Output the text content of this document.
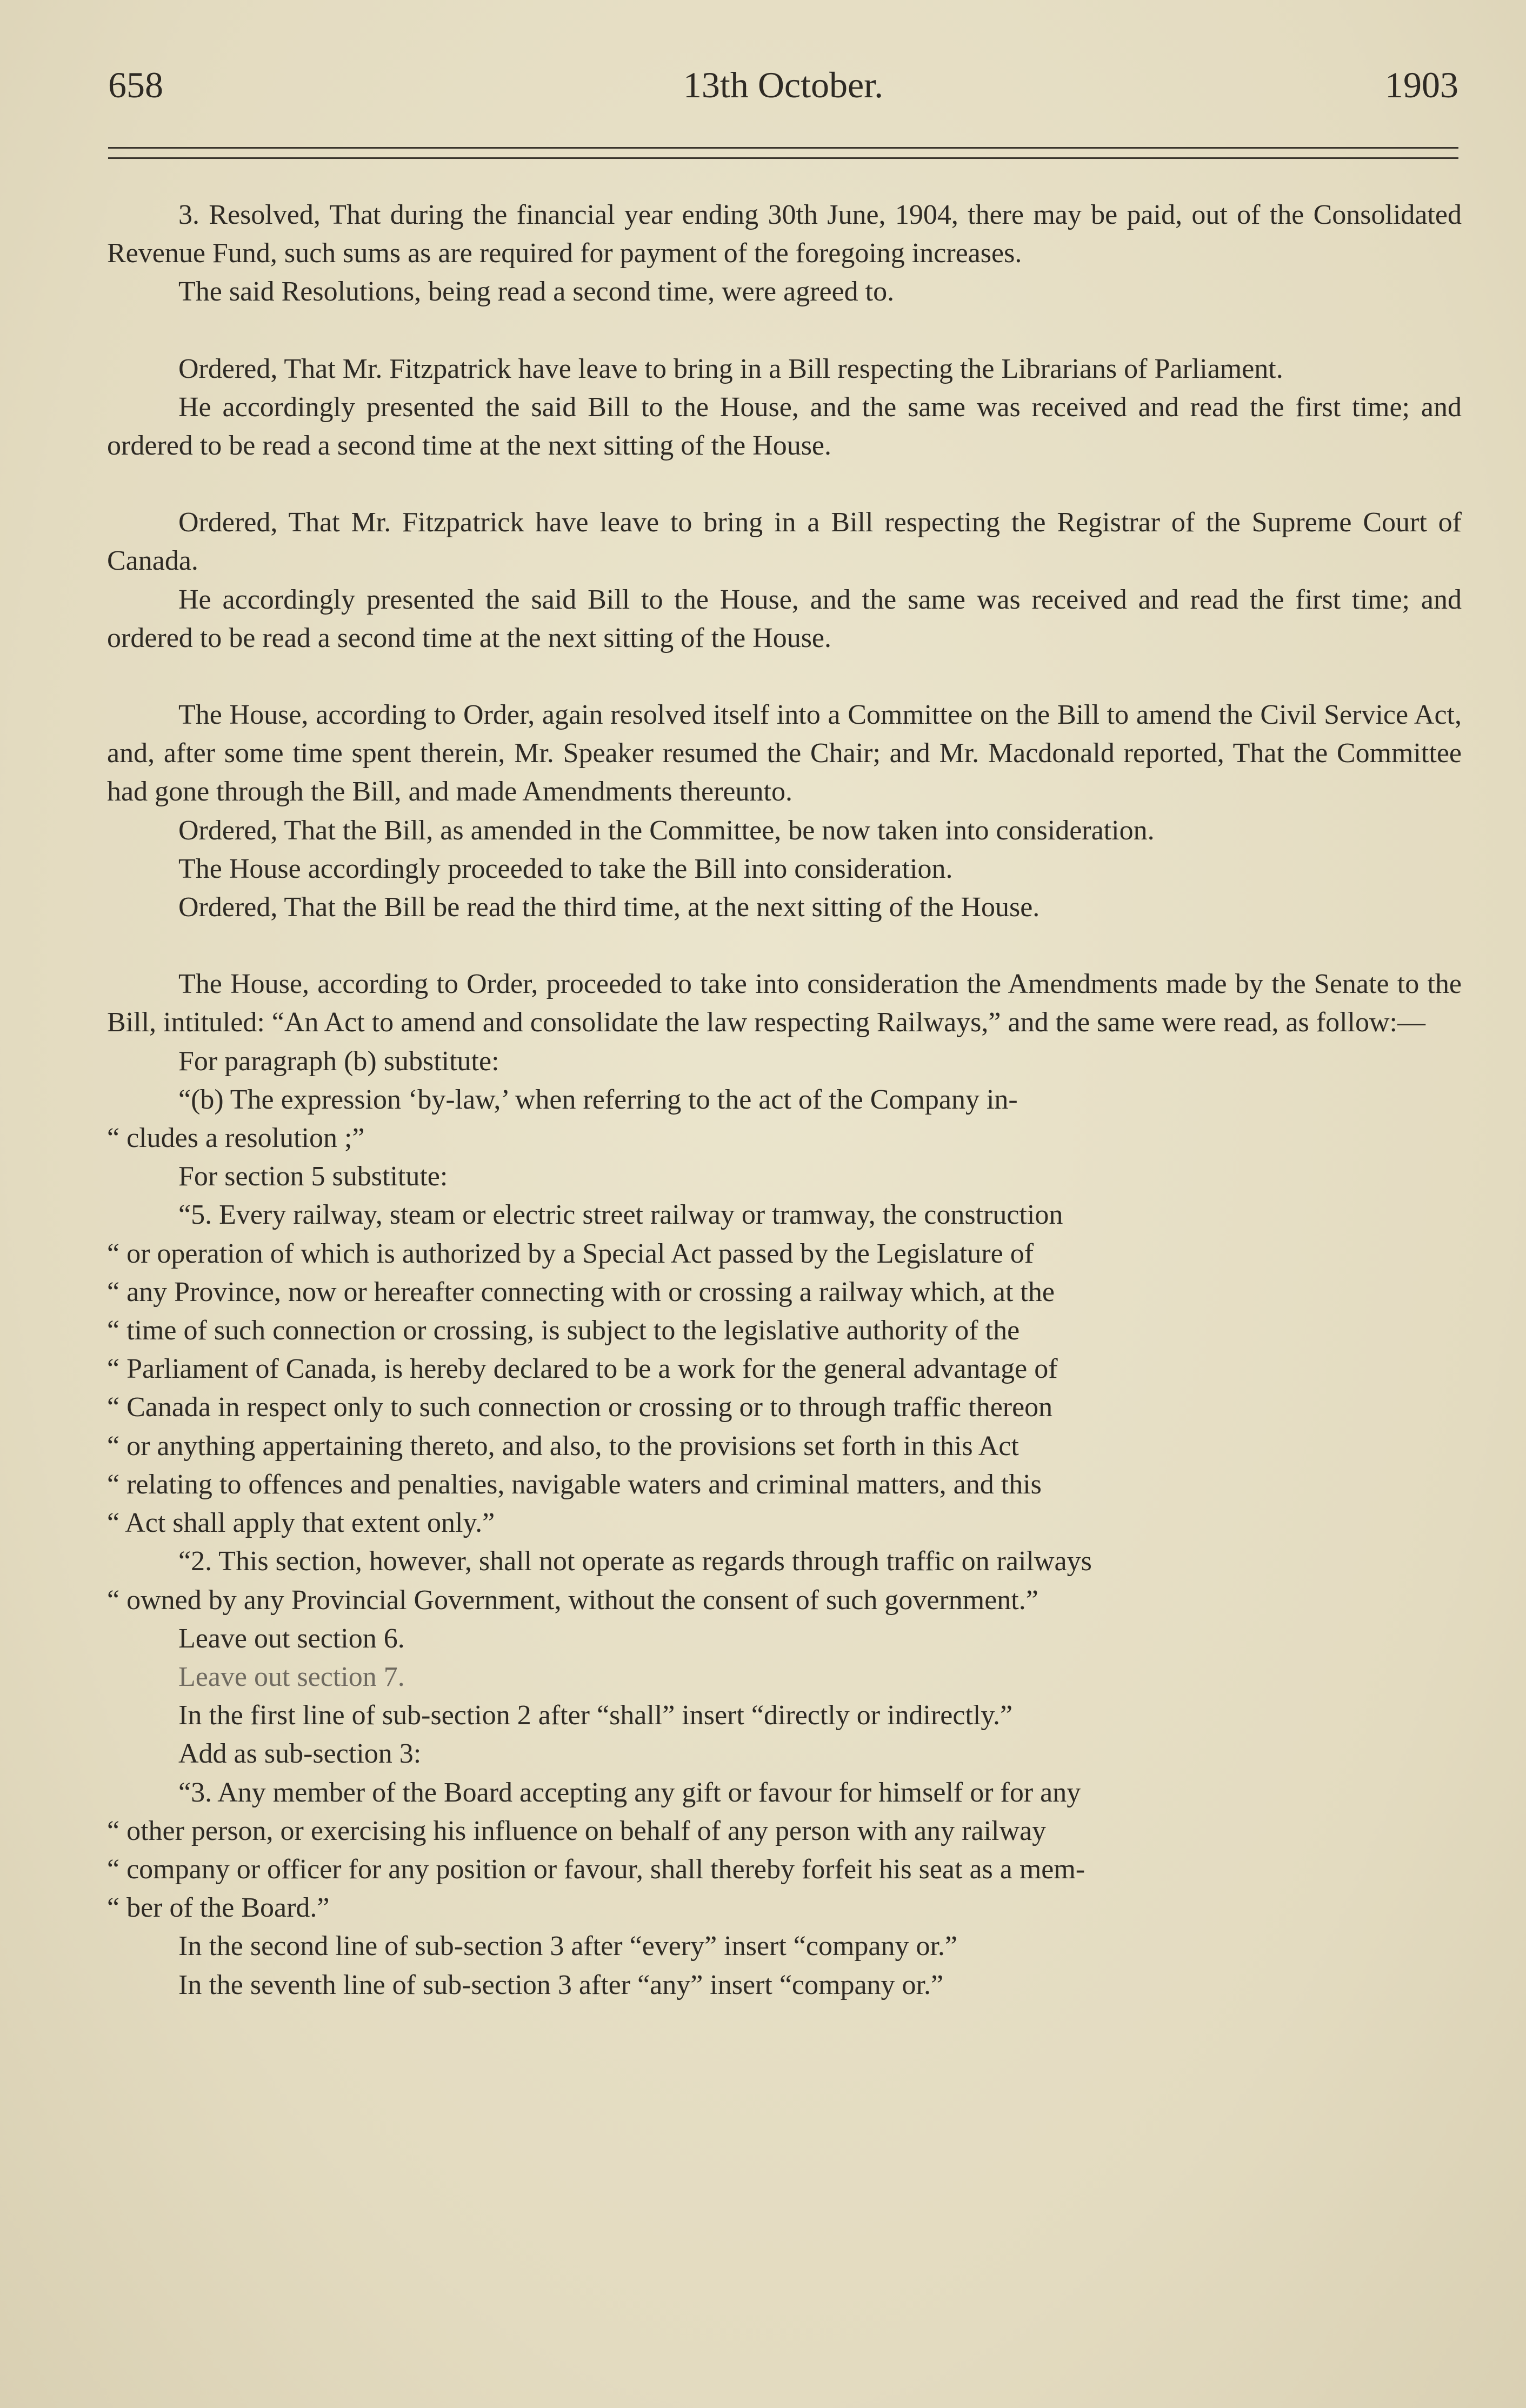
658	13th October.	1903

3. Resolved, That during the financial year ending 30th June, 1904, there may be paid, out of the Consolidated Revenue Fund, such sums as are required for payment of the foregoing increases.

The said Resolutions, being read a second time, were agreed to.

Ordered, That Mr. Fitzpatrick have leave to bring in a Bill respecting the Librarians of Parliament.

He accordingly presented the said Bill to the House, and the same was received and read the first time; and ordered to be read a second time at the next sitting of the House.

Ordered, That Mr. Fitzpatrick have leave to bring in a Bill respecting the Registrar of the Supreme Court of Canada.

He accordingly presented the said Bill to the House, and the same was received and read the first time; and ordered to be read a second time at the next sitting of the House.

The House, according to Order, again resolved itself into a Committee on the Bill to amend the Civil Service Act, and, after some time spent therein, Mr. Speaker resumed the Chair; and Mr. Macdonald reported, That the Committee had gone through the Bill, and made Amendments thereunto.

Ordered, That the Bill, as amended in the Committee, be now taken into consideration.

The House accordingly proceeded to take the Bill into consideration.

Ordered, That the Bill be read the third time, at the next sitting of the House.

The House, according to Order, proceeded to take into consideration the Amendments made by the Senate to the Bill, intituled: “An Act to amend and consolidate the law respecting Railways,” and the same were read, as follow:—

For paragraph (b) substitute:

“(b) The expression ‘by-law,’ when referring to the act of the Company in-
“ cludes a resolution ;”

For section 5 substitute:

“5. Every railway, steam or electric street railway or tramway, the construction
“ or operation of which is authorized by a Special Act passed by the Legislature of
“ any Province, now or hereafter connecting with or crossing a railway which, at the
“ time of such connection or crossing, is subject to the legislative authority of the
“ Parliament of Canada, is hereby declared to be a work for the general advantage of
“ Canada in respect only to such connection or crossing or to through traffic thereon
“ or anything appertaining thereto, and also, to the provisions set forth in this Act
“ relating to offences and penalties, navigable waters and criminal matters, and this
“ Act shall apply that extent only.”

“2. This section, however, shall not operate as regards through traffic on railways
“ owned by any Provincial Government, without the consent of such government.”

Leave out section 6.

Leave out section 7.

In the first line of sub-section 2 after “shall” insert “directly or indirectly.”

Add as sub-section 3:

“3. Any member of the Board accepting any gift or favour for himself or for any
“ other person, or exercising his influence on behalf of any person with any railway
“ company or officer for any position or favour, shall thereby forfeit his seat as a mem-
“ ber of the Board.”

In the second line of sub-section 3 after “every” insert “company or.”

In the seventh line of sub-section 3 after “any” insert “company or.”
